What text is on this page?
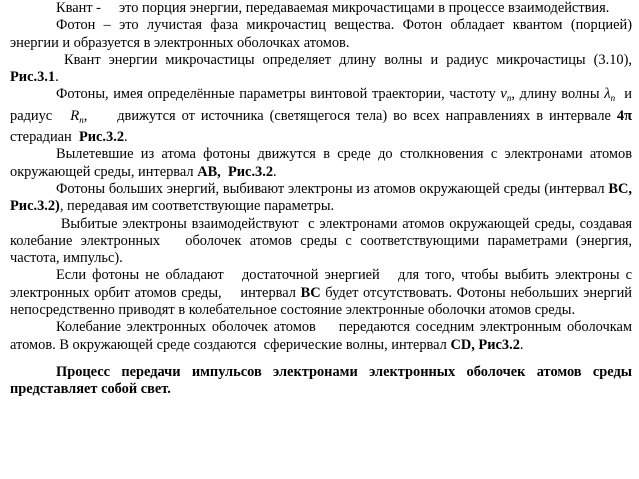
Квант -     это порция энергии, передаваемая микрочастицами в процессе взаимодействия.

Фотон – это лучистая фаза микрочастиц вещества. Фотон обладает квантом (порцией) энергии и образуется в электронных оболочках атомов.

Квант энергии микрочастицы определяет длину волны и радиус микрочастицы (3.10),  Рис.3.1.

Фотоны, имея определённые параметры винтовой траектории, частоту $\nu_n$, длину волны $\lambda_n$  и радиус   $R_n$,     движутся от источника (светящегося тела) во всех направлениях в интервале 4π стерадиан  Рис.3.2.

Вылетевшие из атома фотоны движутся в среде до столкновения с электронами атомов окружающей среды, интервал АВ,  Рис.3.2.

Фотоны больших энергий, выбивают электроны из атомов окружающей среды (интервал ВС, Рис.3.2), передавая им соответствующие параметры.

Выбитые электроны взаимодействуют  с электронами атомов окружающей среды, создавая колебание электронных   оболочек атомов среды с соответствующими параметрами (энергия, частота, импульс).

Если фотоны не обладают   достаточной энергией   для того, чтобы выбить электроны с электронных орбит атомов среды,    интервал ВС будет отсутствовать. Фотоны небольших энергий непосредственно приводят в колебательное состояние электронные оболочки атомов среды.

Колебание электронных оболочек атомов    передаются соседним электронным оболочкам атомов. В окружающей среде создаются  сферические волны, интервал CD, Рис3.2.

Процесс передачи импульсов электронами электронных оболочек атомов среды представляет собой свет.
